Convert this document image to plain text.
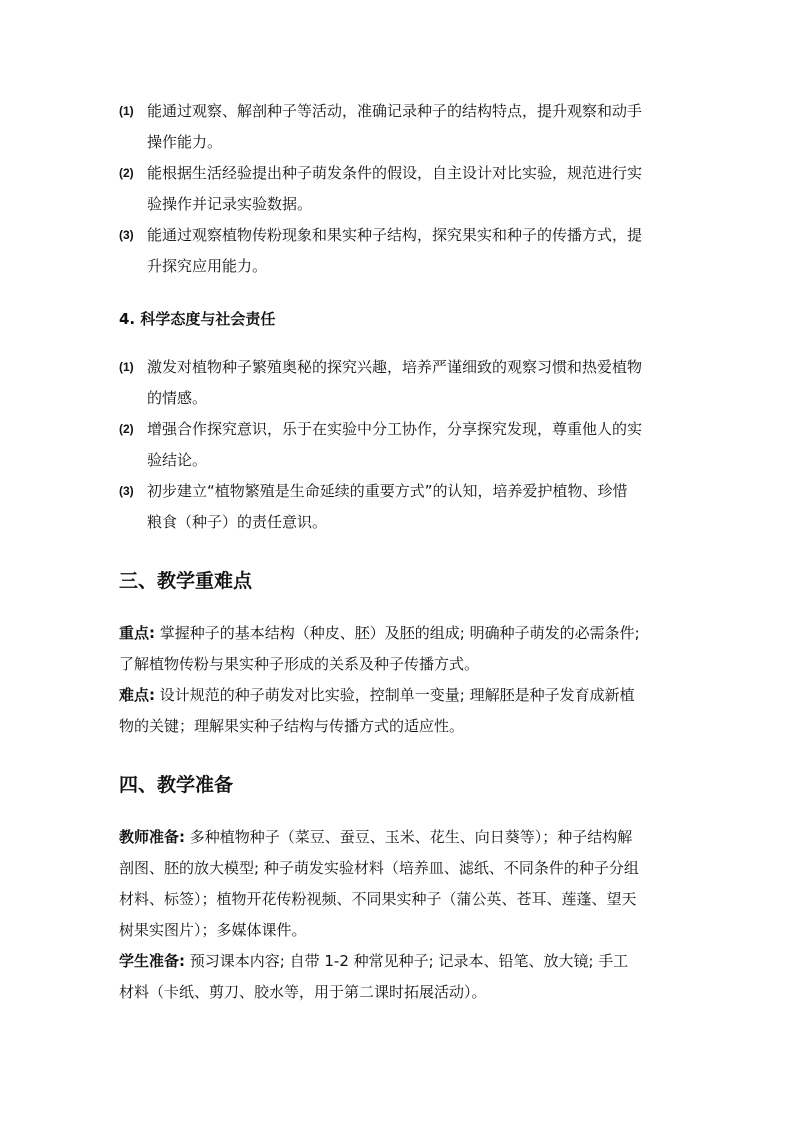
(1) 能通过观察、解剖种子等活动，准确记录种子的结构特点，提升观察和动手
操作能力。
(2) 能根据生活经验提出种子萌发条件的假设，自主设计对比实验，规范进行实
验操作并记录实验数据。
(3) 能通过观察植物传粉现象和果实种子结构，探究果实和种子的传播方式，提
升探究应用能力。
4. 科学态度与社会责任
(1) 激发对植物种子繁殖奥秘的探究兴趣，培养严谨细致的观察习惯和热爱植物
的情感。
(2) 增强合作探究意识，乐于在实验中分工协作，分享探究发现，尊重他人的实
验结论。
(3) 初步建立“植物繁殖是生命延续的重要方式”的认知，培养爱护植物、珍惜
粮食（种子）的责任意识。
三、教学重难点
重点: 掌握种子的基本结构（种皮、胚）及胚的组成; 明确种子萌发的必需条件;
了解植物传粉与果实种子形成的关系及种子传播方式。
难点: 设计规范的种子萌发对比实验，控制单一变量; 理解胚是种子发育成新植
物的关键；理解果实种子结构与传播方式的适应性。
四、教学准备
教师准备: 多种植物种子（菜豆、蚕豆、玉米、花生、向日葵等）；种子结构解
剖图、胚的放大模型; 种子萌发实验材料（培养皿、滤纸、不同条件的种子分组
材料、标签）；植物开花传粉视频、不同果实种子（蒲公英、苍耳、莲蓬、望天
树果实图片）；多媒体课件。
学生准备: 预习课本内容; 自带 1-2 种常见种子; 记录本、铅笔、放大镜; 手工
材料（卡纸、剪刀、胶水等，用于第二课时拓展活动）。
